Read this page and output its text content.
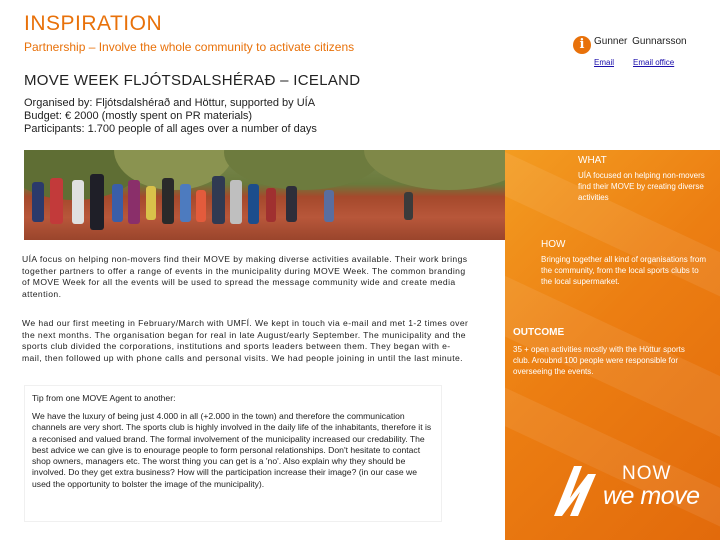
INSPIRATION
Partnership – Involve the whole community to activate citizens	i Gunner Gunnarsson
Email Email office
MOVE WEEK FLJÓTSDALSHÉRAÐ – ICELAND
Organised by: Fljótsdalshérað and Höttur, supported by UÍA
Budget: € 2000 (mostly spent on PR materials)
Participants: 1.700 people of all ages over a number of days
WHAT
UÍA focused on helping non-movers find their MOVE by creating diverse activities
HOW
Bringing together all kind of organisations from the community, from the local sports clubs to the local supermarket.
OUTCOME
35 + open activities mostly with the Höttur sports club. Aroubnd 100 people were responsible for overseeing the events.
NOW
we move
UÍA focus on helping non-movers find their MOVE by making diverse activities available. Their work brings together partners to offer a range of events in the municipality during MOVE Week. The common branding of MOVE Week for all the events will be used to spread the message community wide and create media attention.
We had our first meeting in February/March with UMFÍ. We kept in touch via e-mail and met 1-2 times over the next months. The organisation began for real in late August/early September. The municipality and the sports club divided the corporations, institutions and sports leaders between them. They began with e-mail, then followed up with phone calls and personal visits. We had people joining in until the last minute.
Tip from one MOVE Agent to another:
We have the luxury of being just 4.000 in all (+2.000 in the town) and therefore the communication channels are very short. The sports club is highly involved in the daily life of the inhabitants, therefore it is a reconised and valued brand. The formal involvement of the municipality increased our credability. The best advice we can give is to enourage people to form personal relationships. Don't hesitate to contact shop owners, managers etc. The worst thing you can get is a 'no'. Also explain why they should be involved. Do they get extra business? How will the participation increase their image? (in our case we used the opportunity to bolster the image of the municipality).
